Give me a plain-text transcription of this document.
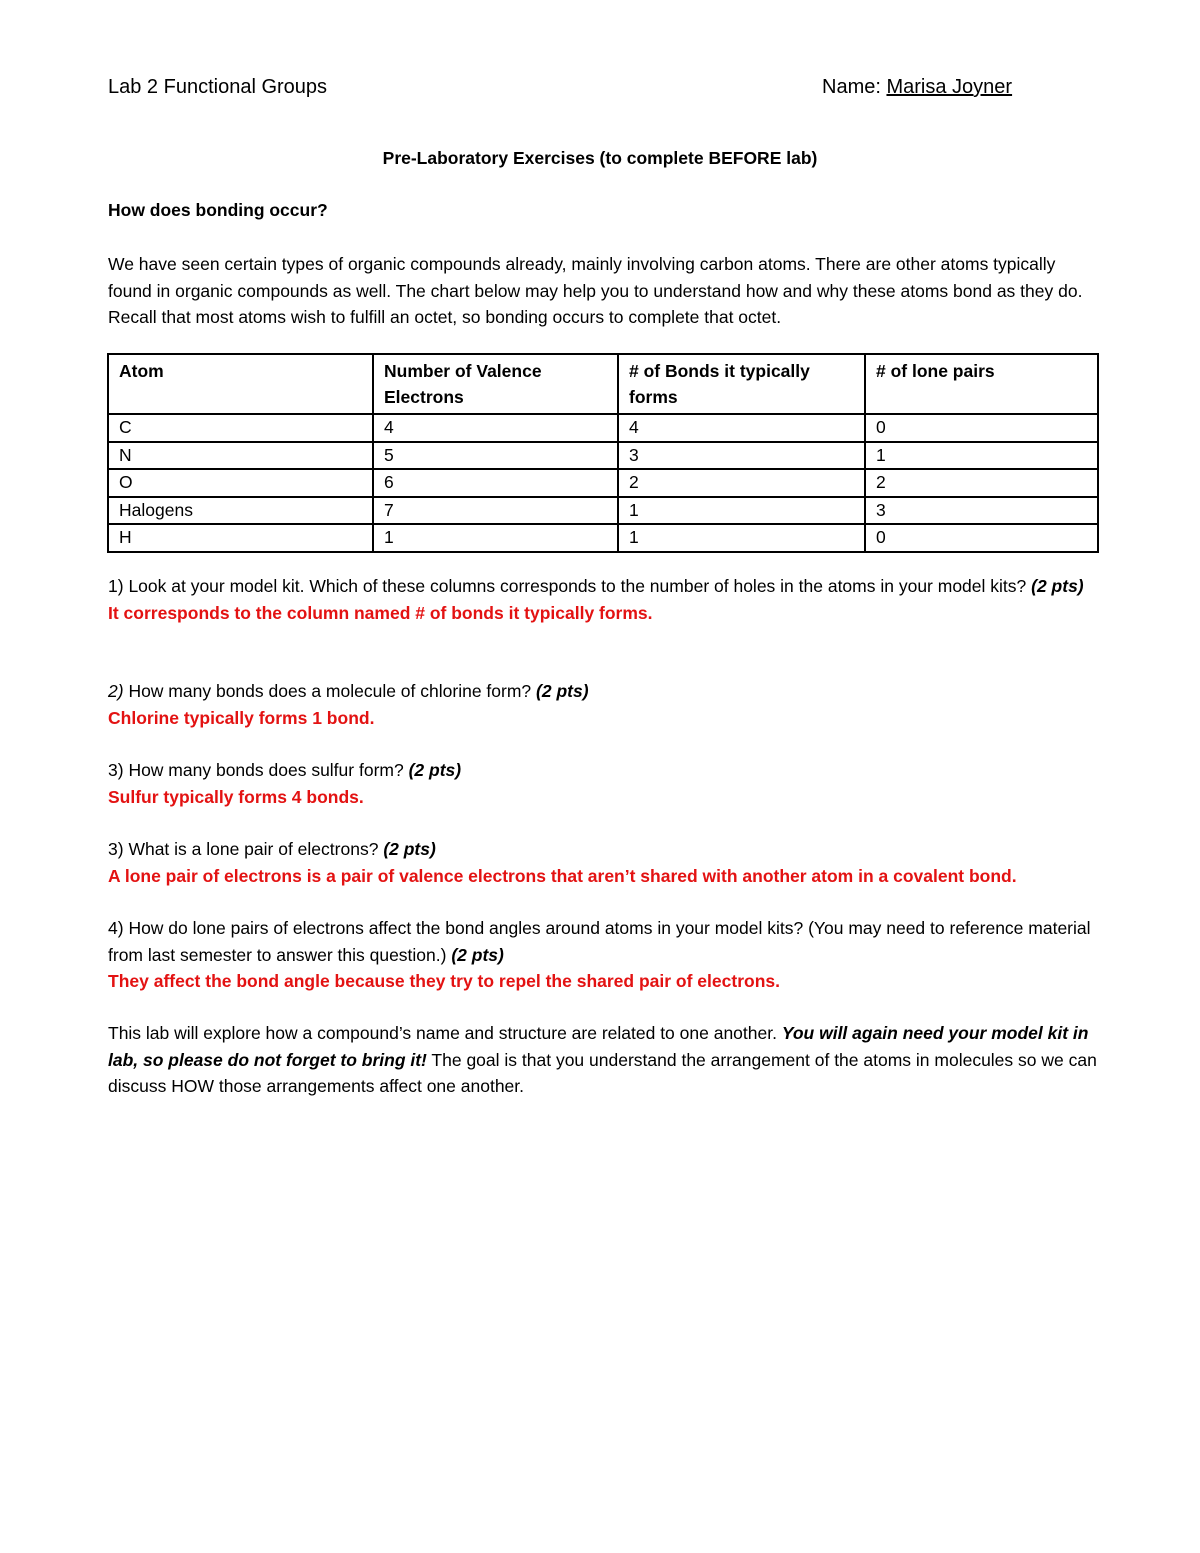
Lab 2 Functional Groups	Name: Marisa Joyner
Pre-Laboratory Exercises (to complete BEFORE lab)
How does bonding occur?
We have seen certain types of organic compounds already, mainly involving carbon atoms. There are other atoms typically found in organic compounds as well. The chart below may help you to understand how and why these atoms bond as they do. Recall that most atoms wish to fulfill an octet, so bonding occurs to complete that octet.
Atom	Number of Valence Electrons	# of Bonds it typically forms	# of lone pairs
C	4	4	0
N	5	3	1
O	6	2	2
Halogens	7	1	3
H	1	1	0
1) Look at your model kit. Which of these columns corresponds to the number of holes in the atoms in your model kits? (2 pts)
It corresponds to the column named # of bonds it typically forms.
2) How many bonds does a molecule of chlorine form? (2 pts)
Chlorine typically forms 1 bond.
3) How many bonds does sulfur form? (2 pts)
Sulfur typically forms 4 bonds.
3) What is a lone pair of electrons? (2 pts)
A lone pair of electrons is a pair of valence electrons that aren’t shared with another atom in a covalent bond.
4) How do lone pairs of electrons affect the bond angles around atoms in your model kits? (You may need to reference material from last semester to answer this question.) (2 pts)
They affect the bond angle because they try to repel the shared pair of electrons.
This lab will explore how a compound’s name and structure are related to one another. You will again need your model kit in lab, so please do not forget to bring it! The goal is that you understand the arrangement of the atoms in molecules so we can discuss HOW those arrangements affect one another.
